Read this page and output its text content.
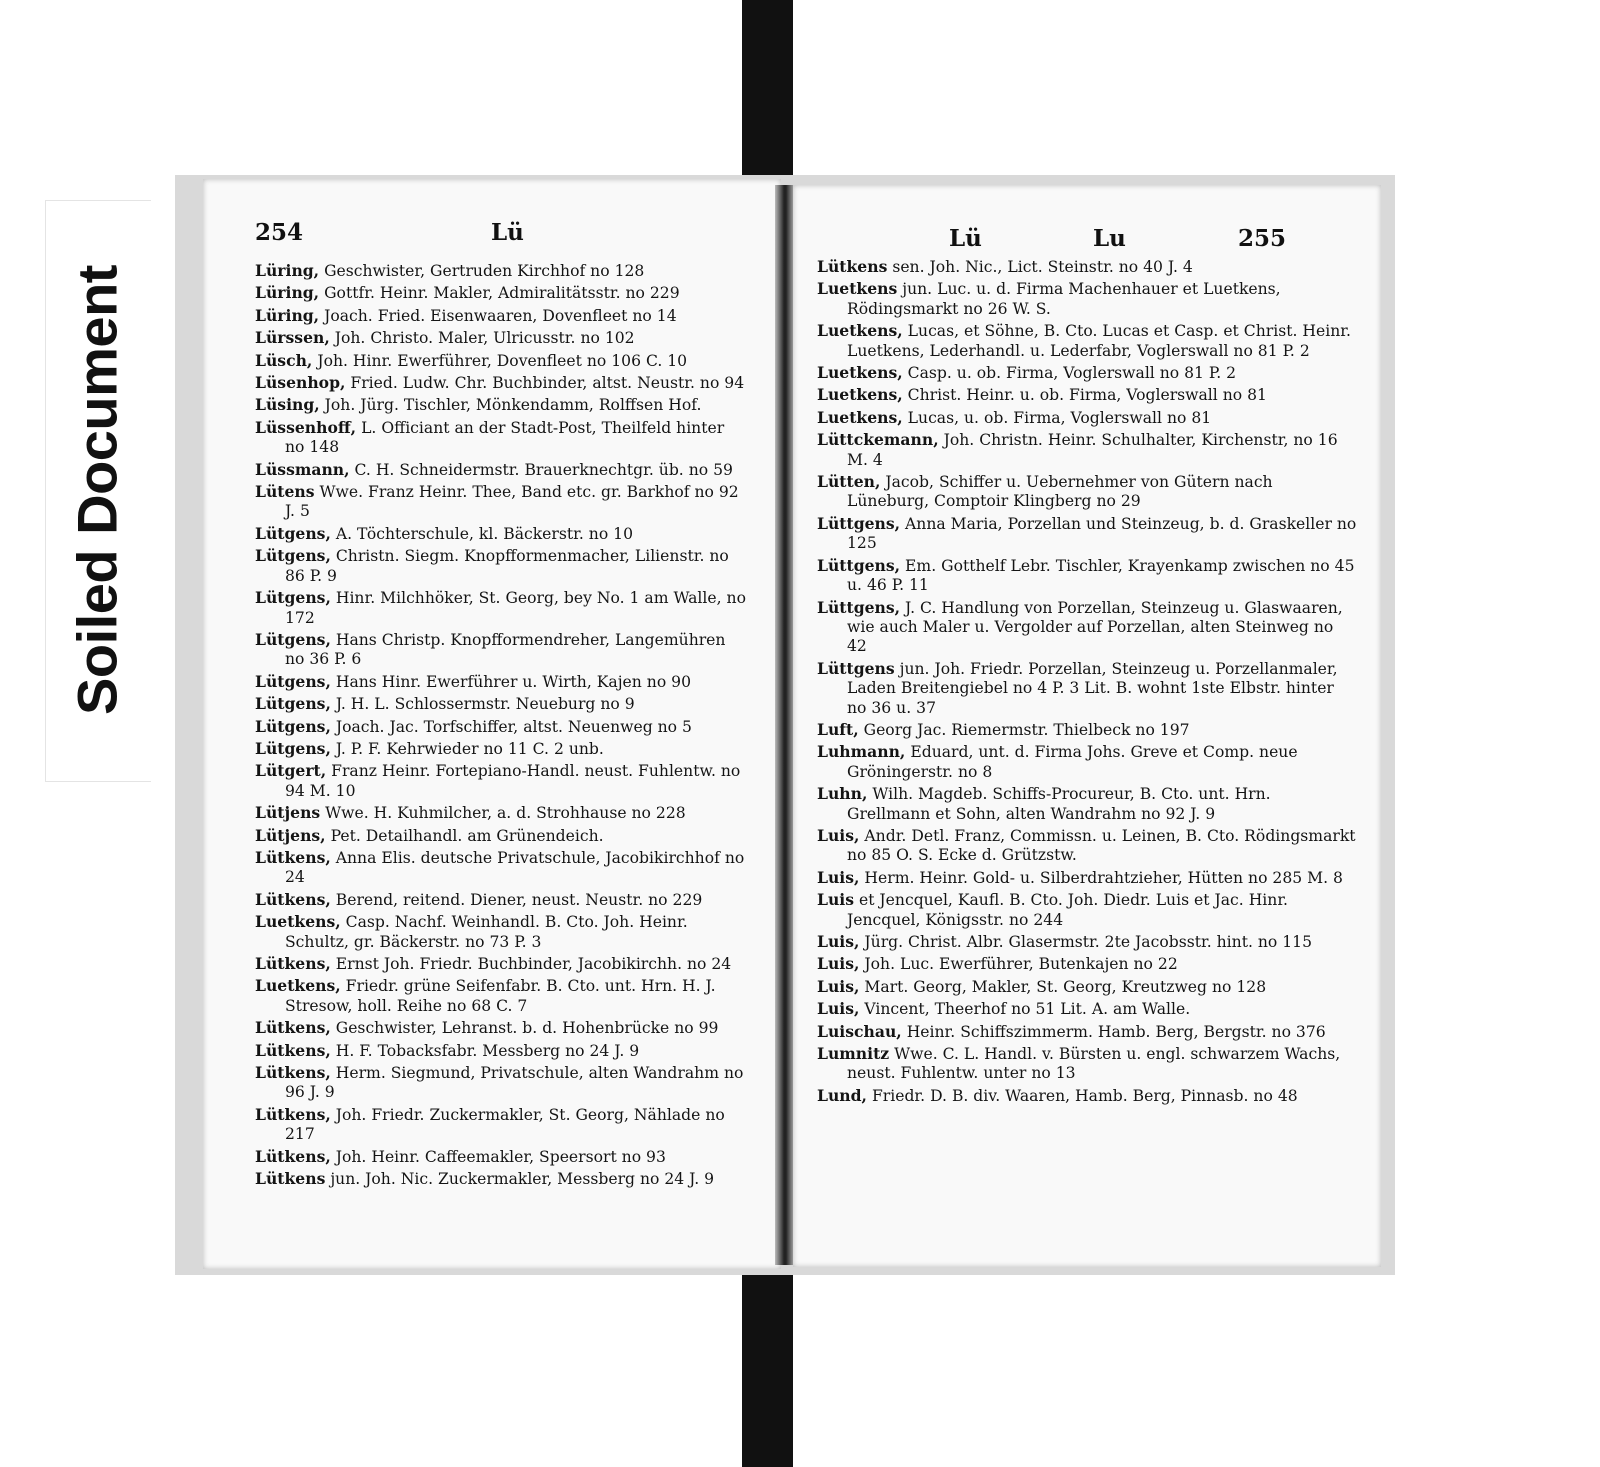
Soiled Document
254	Lü
Lüring, Geschwister, Gertruden Kirchhof no 128
Lüring, Gottfr. Heinr. Makler, Admiralitätsstr. no 229
Lüring, Joach. Fried. Eisenwaaren, Dovenfleet no 14
Lürssen, Joh. Christo. Maler, Ulricusstr. no 102
Lüsch, Joh. Hinr. Ewerführer, Dovenfleet no 106 C. 10
Lüsenhop, Fried. Ludw. Chr. Buchbinder, altst. Neustr. no 94
Lüsing, Joh. Jürg. Tischler, Mönkendamm, Rolffsen Hof.
Lüssenhoff, L. Officiant an der Stadt-Post, Theilfeld hinter no 148
Lüssmann, C. H. Schneidermstr. Brauerknechtgr. üb. no 59
Lütens Wwe. Franz Heinr. Thee, Band etc. gr. Barkhof no 92 J. 5
Lütgens, A. Töchterschule, kl. Bäckerstr. no 10
Lütgens, Christn. Siegm. Knopfformenmacher, Lilienstr. no 86 P. 9
Lütgens, Hinr. Milchhöker, St. Georg, bey No. 1 am Walle, no 172
Lütgens, Hans Christp. Knopfformendreher, Langemühren no 36 P. 6
Lütgens, Hans Hinr. Ewerführer u. Wirth, Kajen no 90
Lütgens, J. H. L. Schlossermstr. Neueburg no 9
Lütgens, Joach. Jac. Torfschiffer, altst. Neuenweg no 5
Lütgens, J. P. F. Kehrwieder no 11 C. 2 unb.
Lütgert, Franz Heinr. Fortepiano-Handl. neust. Fuhlentw. no 94 M. 10
Lütjens Wwe. H. Kuhmilcher, a. d. Strohhause no 228
Lütjens, Pet. Detailhandl. am Grünendeich.
Lütkens, Anna Elis. deutsche Privatschule, Jacobikirchhof no 24
Lütkens, Berend, reitend. Diener, neust. Neustr. no 229
Luetkens, Casp. Nachf. Weinhandl. B. Cto. Joh. Heinr. Schultz, gr. Bäckerstr. no 73 P. 3
Lütkens, Ernst Joh. Friedr. Buchbinder, Jacobikirchh. no 24
Luetkens, Friedr. grüne Seifenfabr. B. Cto. unt. Hrn. H. J. Stresow, holl. Reihe no 68 C. 7
Lütkens, Geschwister, Lehranst. b. d. Hohenbrücke no 99
Lütkens, H. F. Tobacksfabr. Messberg no 24 J. 9
Lütkens, Herm. Siegmund, Privatschule, alten Wandrahm no 96 J. 9
Lütkens, Joh. Friedr. Zuckermakler, St. Georg, Nählade no 217
Lütkens, Joh. Heinr. Caffeemakler, Speersort no 93
Lütkens jun. Joh. Nic. Zuckermakler, Messberg no 24 J. 9
Lü	Lu	255
Lütkens sen. Joh. Nic., Lict. Steinstr. no 40 J. 4
Luetkens jun. Luc. u. d. Firma Machenhauer et Luetkens, Rödingsmarkt no 26 W. S.
Luetkens, Lucas, et Söhne, B. Cto. Lucas et Casp. et Christ. Heinr. Luetkens, Lederhandl. u. Lederfabr, Voglerswall no 81 P. 2
Luetkens, Casp. u. ob. Firma, Voglerswall no 81 P. 2
Luetkens, Christ. Heinr. u. ob. Firma, Voglerswall no 81
Luetkens, Lucas, u. ob. Firma, Voglerswall no 81
Lüttckemann, Joh. Christn. Heinr. Schulhalter, Kirchenstr, no 16 M. 4
Lütten, Jacob, Schiffer u. Uebernehmer von Gütern nach Lüneburg, Comptoir Klingberg no 29
Lüttgens, Anna Maria, Porzellan und Steinzeug, b. d. Graskeller no 125
Lüttgens, Em. Gotthelf Lebr. Tischler, Krayenkamp zwischen no 45 u. 46 P. 11
Lüttgens, J. C. Handlung von Porzellan, Steinzeug u. Glaswaaren, wie auch Maler u. Vergolder auf Porzellan, alten Steinweg no 42
Lüttgens jun. Joh. Friedr. Porzellan, Steinzeug u. Porzellanmaler, Laden Breitengiebel no 4 P. 3 Lit. B. wohnt 1ste Elbstr. hinter no 36 u. 37
Luft, Georg Jac. Riemermstr. Thielbeck no 197
Luhmann, Eduard, unt. d. Firma Johs. Greve et Comp. neue Gröningerstr. no 8
Luhn, Wilh. Magdeb. Schiffs-Procureur, B. Cto. unt. Hrn. Grellmann et Sohn, alten Wandrahm no 92 J. 9
Luis, Andr. Detl. Franz, Commissn. u. Leinen, B. Cto. Rödingsmarkt no 85 O. S. Ecke d. Grützstw.
Luis, Herm. Heinr. Gold- u. Silberdrahtzieher, Hütten no 285 M. 8
Luis et Jencquel, Kaufl. B. Cto. Joh. Diedr. Luis et Jac. Hinr. Jencquel, Königsstr. no 244
Luis, Jürg. Christ. Albr. Glasermstr. 2te Jacobsstr. hint. no 115
Luis, Joh. Luc. Ewerführer, Butenkajen no 22
Luis, Mart. Georg, Makler, St. Georg, Kreutzweg no 128
Luis, Vincent, Theerhof no 51 Lit. A. am Walle.
Luischau, Heinr. Schiffszimmerm. Hamb. Berg, Bergstr. no 376
Lumnitz Wwe. C. L. Handl. v. Bürsten u. engl. schwarzem Wachs, neust. Fuhlentw. unter no 13
Lund, Friedr. D. B. div. Waaren, Hamb. Berg, Pinnasb. no 48
